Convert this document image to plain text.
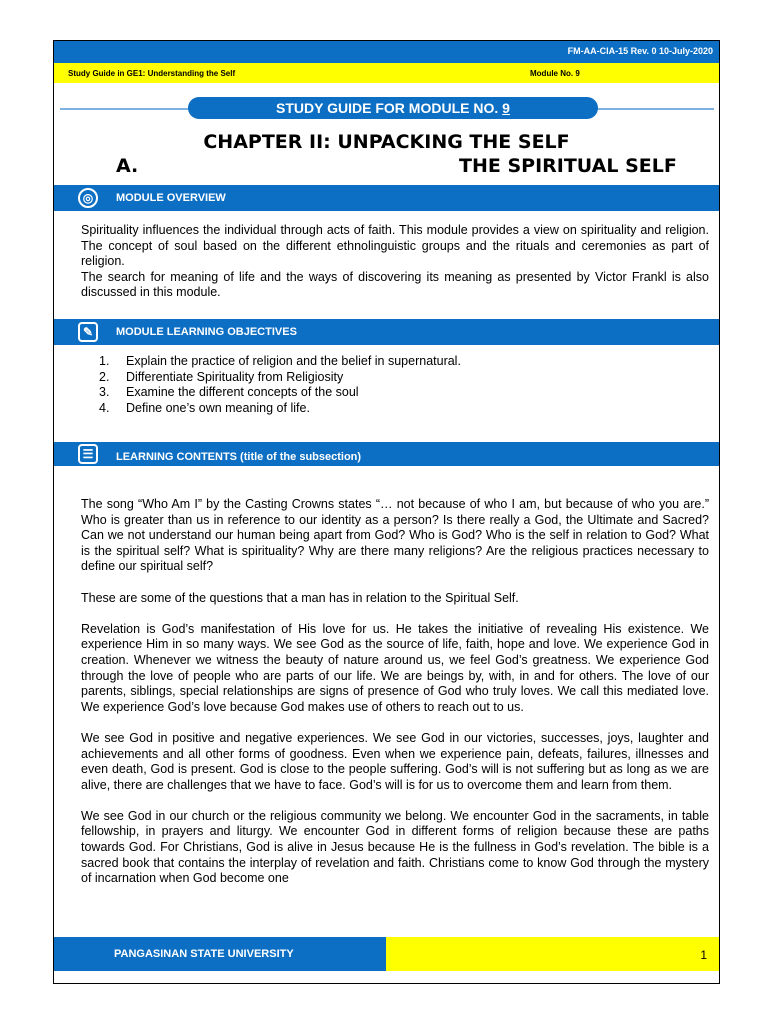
FM-AA-CIA-15 Rev. 0 10-July-2020
Study Guide in GE1: Understanding the Self	Module No. 9
STUDY GUIDE FOR MODULE NO. 9
CHAPTER II: UNPACKING THE SELF
A.	THE SPIRITUAL SELF
◎	MODULE OVERVIEW
Spirituality influences the individual through acts of faith. This module provides a view on spirituality and religion. The concept of soul based on the different ethnolinguistic groups and the rituals and ceremonies as part of religion.
The search for meaning of life and the ways of discovering its meaning as presented by Victor Frankl is also discussed in this module.
✎	MODULE LEARNING OBJECTIVES
1. Explain the practice of religion and the belief in supernatural.
2. Differentiate Spirituality from Religiosity
3. Examine the different concepts of the soul
4. Define one’s own meaning of life.
☰	LEARNING CONTENTS (title of the subsection)

The song “Who Am I” by the Casting Crowns states “… not because of who I am, but because of who you are.” Who is greater than us in reference to our identity as a person? Is there really a God, the Ultimate and Sacred? Can we not understand our human being apart from God? Who is God? Who is the self in relation to God? What is the spiritual self? What is spirituality? Why are there many religions? Are the religious practices necessary to define our spiritual self?

These are some of the questions that a man has in relation to the Spiritual Self.

Revelation is God’s manifestation of His love for us. He takes the initiative of revealing His existence. We experience Him in so many ways. We see God as the source of life, faith, hope and love. We experience God in creation. Whenever we witness the beauty of nature around us, we feel God’s greatness. We experience God through the love of people who are parts of our life. We are beings by, with, in and for others. The love of our parents, siblings, special relationships are signs of presence of God who truly loves. We call this mediated love. We experience God’s love because God makes use of others to reach out to us.

We see God in positive and negative experiences. We see God in our victories, successes, joys, laughter and achievements and all other forms of goodness. Even when we experience pain, defeats, failures, illnesses and even death, God is present. God is close to the people suffering. God’s will is not suffering but as long as we are alive, there are challenges that we have to face. God’s will is for us to overcome them and learn from them.

We see God in our church or the religious community we belong. We encounter God in the sacraments, in table fellowship, in prayers and liturgy. We encounter God in different forms of religion because these are paths towards God. For Christians, God is alive in Jesus because He is the fullness in God’s revelation. The bible is a sacred book that contains the interplay of revelation and faith. Christians come to know God through the mystery of incarnation when God become one

PANGASINAN STATE UNIVERSITY	1
